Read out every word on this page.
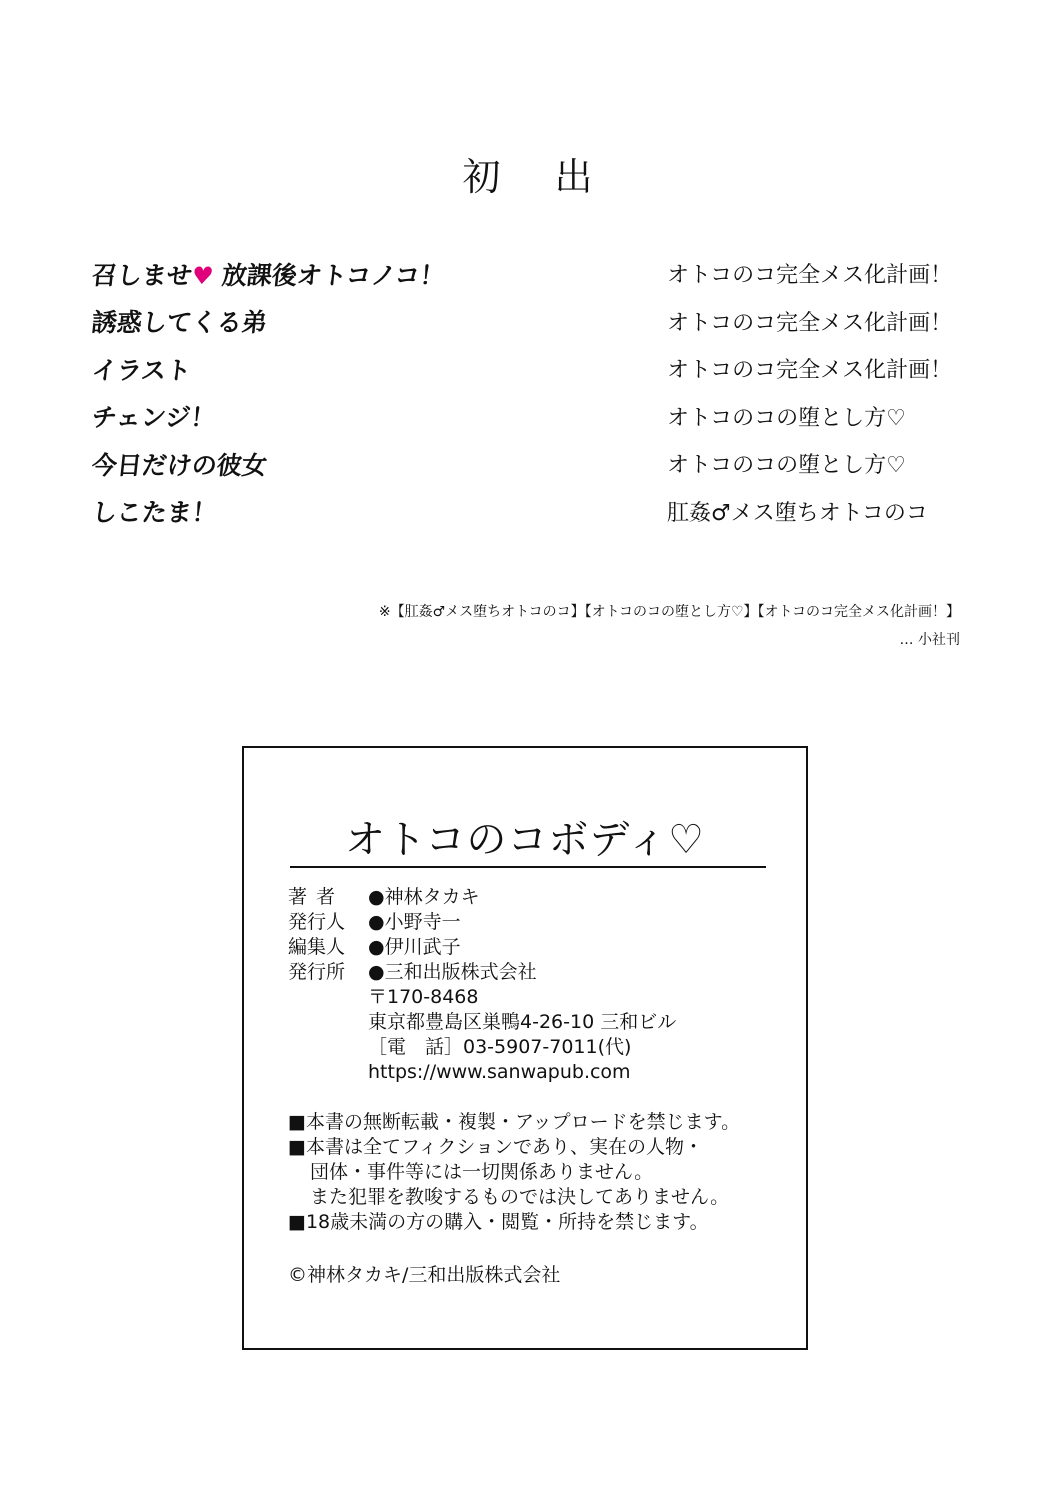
初 出
召しませ♥ 放課後オトコノコ！	オトコのコ完全メス化計画！
誘惑してくる弟	オトコのコ完全メス化計画！
イラスト	オトコのコ完全メス化計画！
チェンジ！	オトコのコの堕とし方♡
今日だけの彼女	オトコのコの堕とし方♡
しこたま！	肛姦♂メス堕ちオトコのコ
※【肛姦♂メス堕ちオトコのコ】【オトコのコの堕とし方♡】【オトコのコ完全メス化計画！】
… 小社刊
オトコのコボディ♡
著者	● 神林タカキ
発行人	● 小野寺一
編集人	● 伊川武子
発行所	● 三和出版株式会社
〒170-8468
東京都豊島区巣鴨4-26-10 三和ビル
［電　話］03-5907-7011(代)
https://www.sanwapub.com
■ 本書の無断転載・複製・アップロードを禁じます。
■ 本書は全てフィクションであり、実在の人物・
団体・事件等には一切関係ありません。
また犯罪を教唆するものでは決してありません。
■ 18歳未満の方の購入・閲覧・所持を禁じます。
©神林タカキ/三和出版株式会社
